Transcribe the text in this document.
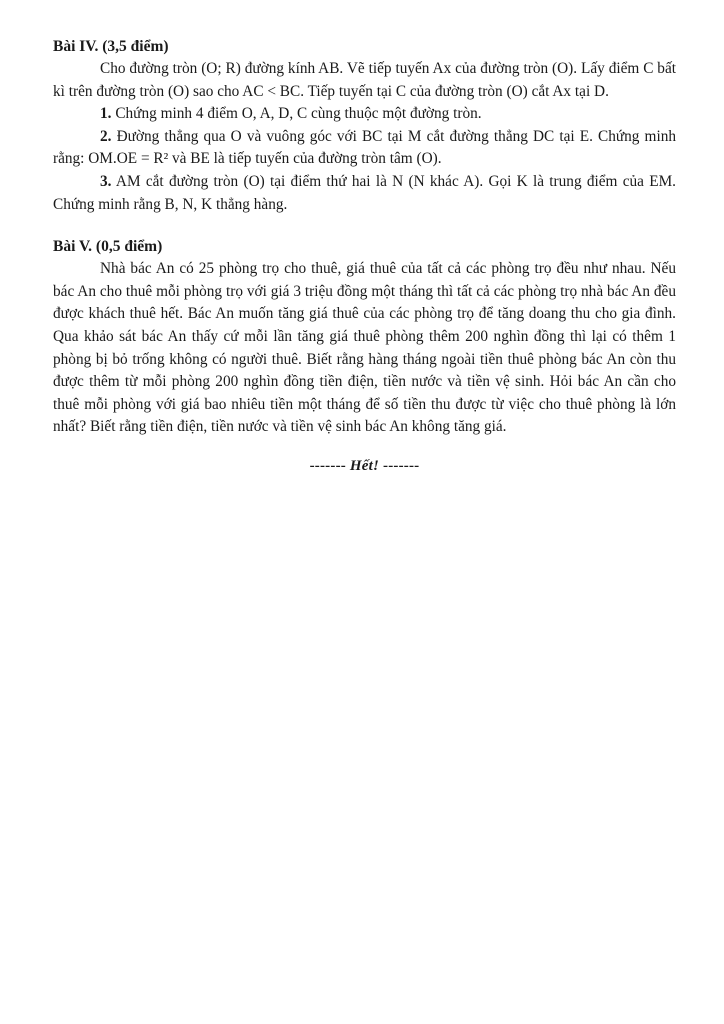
Bài IV. (3,5 điểm)

Cho đường tròn (O; R) đường kính AB. Vẽ tiếp tuyến Ax của đường tròn (O). Lấy điểm C bất kì trên đường tròn (O) sao cho AC < BC. Tiếp tuyến tại C của đường tròn (O) cắt Ax tại D.

1. Chứng minh 4 điểm O, A, D, C cùng thuộc một đường tròn.

2. Đường thẳng qua O và vuông góc với BC tại M cắt đường thẳng DC tại E. Chứng minh rằng: OM.OE = R² và BE là tiếp tuyến của đường tròn tâm (O).

3. AM cắt đường tròn (O) tại điểm thứ hai là N (N khác A). Gọi K là trung điểm của EM. Chứng minh rằng B, N, K thẳng hàng.

Bài V. (0,5 điểm)

Nhà bác An có 25 phòng trọ cho thuê, giá thuê của tất cả các phòng trọ đều như nhau. Nếu bác An cho thuê mỗi phòng trọ với giá 3 triệu đồng một tháng thì tất cả các phòng trọ nhà bác An đều được khách thuê hết. Bác An muốn tăng giá thuê của các phòng trọ để tăng doang thu cho gia đình. Qua khảo sát bác An thấy cứ mỗi lần tăng giá thuê phòng thêm 200 nghìn đồng thì lại có thêm 1 phòng bị bỏ trống không có người thuê. Biết rằng hàng tháng ngoài tiền thuê phòng bác An còn thu được thêm từ mỗi phòng 200 nghìn đồng tiền điện, tiền nước và tiền vệ sinh. Hỏi bác An cần cho thuê mỗi phòng với giá bao nhiêu tiền một tháng để số tiền thu được từ việc cho thuê phòng là lớn nhất? Biết rằng tiền điện, tiền nước và tiền vệ sinh bác An không tăng giá.

------- Hết! -------
